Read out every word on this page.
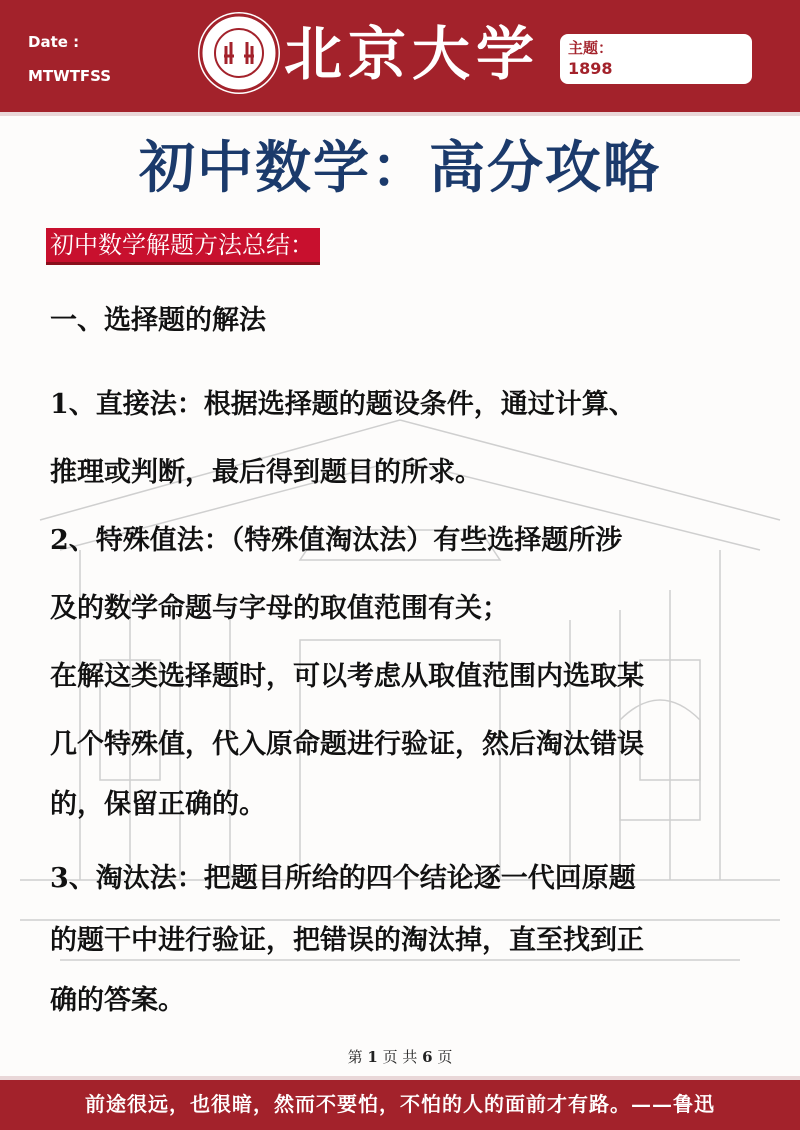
Date :
MTWTFSS	北京大学 主题：
1898
初中数学：高分攻略
初中数学解题方法总结：
一、选择题的解法
1、直接法：根据选择题的题设条件，通过计算、
推理或判断，最后得到题目的所求。
2、特殊值法：（特殊值淘汰法）有些选择题所涉
及的数学命题与字母的取值范围有关；
在解这类选择题时，可以考虑从取值范围内选取某
几个特殊值，代入原命题进行验证，然后淘汰错误
的，保留正确的。
3、淘汰法：把题目所给的四个结论逐一代回原题
的题干中进行验证，把错误的淘汰掉，直至找到正
确的答案。
第 1 页 共 6 页
前途很远，也很暗，然而不要怕，不怕的人的面前才有路。——鲁迅
